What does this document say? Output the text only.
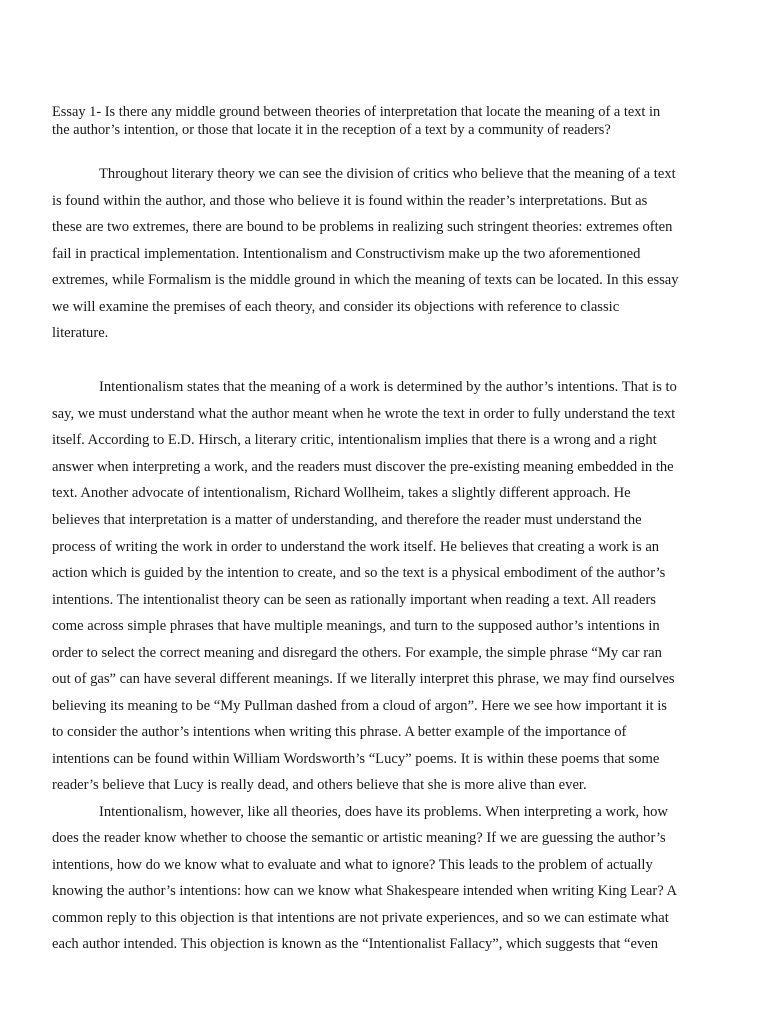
Essay 1- Is there any middle ground between theories of interpretation that locate the meaning of a text in
the author’s intention, or those that locate it in the reception of a text by a community of readers?
Throughout literary theory we can see the division of critics who believe that the meaning of a text
is found within the author, and those who believe it is found within the reader’s interpretations. But as
these are two extremes, there are bound to be problems in realizing such stringent theories: extremes often
fail in practical implementation. Intentionalism and Constructivism make up the two aforementioned
extremes, while Formalism is the middle ground in which the meaning of texts can be located. In this essay
we will examine the premises of each theory, and consider its objections with reference to classic
literature.
Intentionalism states that the meaning of a work is determined by the author’s intentions. That is to
say, we must understand what the author meant when he wrote the text in order to fully understand the text
itself. According to E.D. Hirsch, a literary critic, intentionalism implies that there is a wrong and a right
answer when interpreting a work, and the readers must discover the pre-existing meaning embedded in the
text. Another advocate of intentionalism, Richard Wollheim, takes a slightly different approach. He
believes that interpretation is a matter of understanding, and therefore the reader must understand the
process of writing the work in order to understand the work itself. He believes that creating a work is an
action which is guided by the intention to create, and so the text is a physical embodiment of the author’s
intentions. The intentionalist theory can be seen as rationally important when reading a text. All readers
come across simple phrases that have multiple meanings, and turn to the supposed author’s intentions in
order to select the correct meaning and disregard the others. For example, the simple phrase “My car ran
out of gas” can have several different meanings. If we literally interpret this phrase, we may find ourselves
believing its meaning to be “My Pullman dashed from a cloud of argon”. Here we see how important it is
to consider the author’s intentions when writing this phrase. A better example of the importance of
intentions can be found within William Wordsworth’s “Lucy” poems. It is within these poems that some
reader’s believe that Lucy is really dead, and others believe that she is more alive than ever.
Intentionalism, however, like all theories, does have its problems. When interpreting a work, how
does the reader know whether to choose the semantic or artistic meaning? If we are guessing the author’s
intentions, how do we know what to evaluate and what to ignore? This leads to the problem of actually
knowing the author’s intentions: how can we know what Shakespeare intended when writing King Lear? A
common reply to this objection is that intentions are not private experiences, and so we can estimate what
each author intended. This objection is known as the “Intentionalist Fallacy”, which suggests that “even
